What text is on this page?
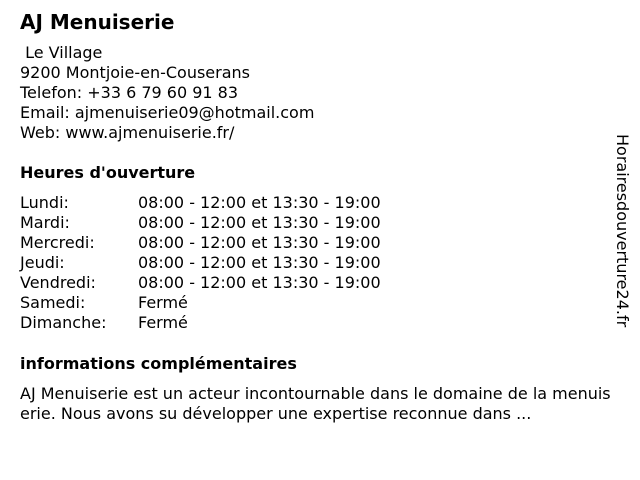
AJ Menuiserie
Le Village
9200 Montjoie-en-Couserans
Telefon: +33 6 79 60 91 83
Email: ajmenuiserie09@hotmail.com
Web: www.ajmenuiserie.fr/
Heures d'ouverture
Lundi:	08:00 - 12:00 et 13:30 - 19:00
Mardi:	08:00 - 12:00 et 13:30 - 19:00
Mercredi:	08:00 - 12:00 et 13:30 - 19:00
Jeudi:	08:00 - 12:00 et 13:30 - 19:00
Vendredi:	08:00 - 12:00 et 13:30 - 19:00
Samedi:	Fermé
Dimanche:	Fermé
informations complémentaires
AJ Menuiserie est un acteur incontournable dans le domaine de la menuiserie. Nous avons su développer une expertise reconnue dans ...
Horairesdouverture24.fr
